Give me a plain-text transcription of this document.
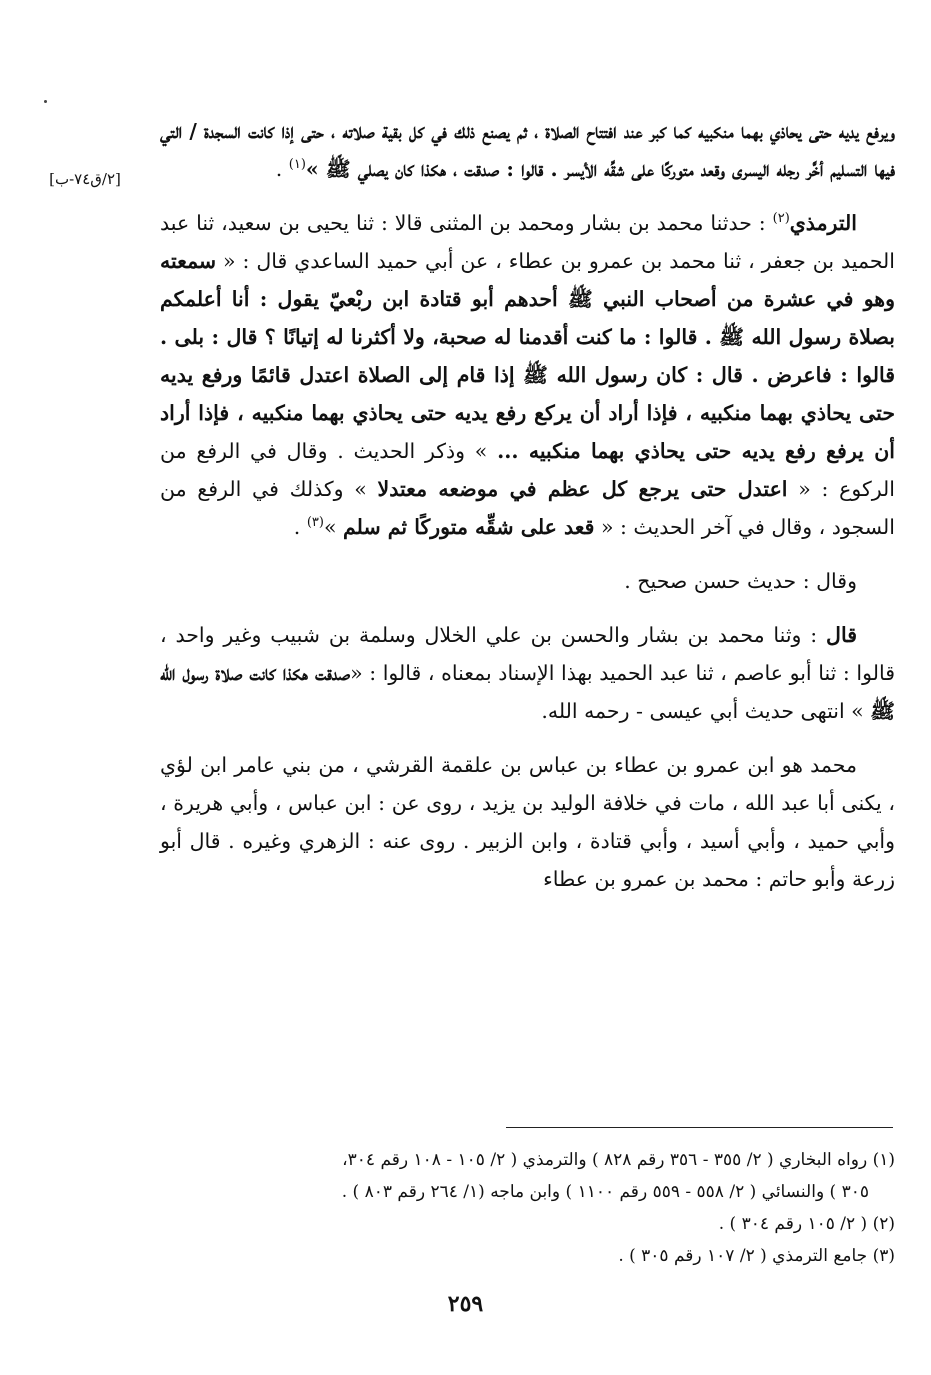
[٢/ق٧٤-ب]

ويرفع يديه حتى يحاذي بهما منكبيه كما كبر عند افتتاح الصلاة ، ثم يصنع ذلك في كل بقية صلاته ، حتى إذا كانت السجدة / التي فيها التسليم أخَّر رجله اليسرى وقعد متوركًا على شقِّه الأيسر . قالوا : صدقت ، هكذا كان يصلي ﷺ »$^{(١)}$ .

الترمذي$^{(٢)}$ : حدثنا محمد بن بشار ومحمد بن المثنى قالا : ثنا يحيى بن سعيد، ثنا عبد الحميد بن جعفر ، ثنا محمد بن عمرو بن عطاء ، عن أبي حميد الساعدي قال : « سمعته وهو في عشرة من أصحاب النبي ﷺ أحدهم أبو قتادة ابن ربْعيّ يقول : أنا أعلمكم بصلاة رسول الله ﷺ . قالوا : ما كنت أقدمنا له صحبة، ولا أكثرنا له إتيانًا ؟ قال : بلى . قالوا : فاعرض . قال : كان رسول الله ﷺ إذا قام إلى الصلاة اعتدل قائمًا ورفع يديه حتى يحاذي بهما منكبيه ، فإذا أراد أن يركع رفع يديه حتى يحاذي بهما منكبيه ، فإذا أراد أن يرفع رفع يديه حتى يحاذي بهما منكبيه ... » وذكر الحديث . وقال في الرفع من الركوع : « اعتدل حتى يرجع كل عظم في موضعه معتدلا » وكذلك في الرفع من السجود ، وقال في آخر الحديث : « قعد على شقِّه متوركًا ثم سلم »$^{(٣)}$ .

وقال : حديث حسن صحيح .

قال : وثنا محمد بن بشار والحسن بن علي الخلال وسلمة بن شبيب وغير واحد ، قالوا : ثنا أبو عاصم ، ثنا عبد الحميد بهذا الإسناد بمعناه ، قالوا : «صدقت هكذا كانت صلاة رسول الله ﷺ » انتهى حديث أبي عيسى - رحمه الله.

محمد هو ابن عمرو بن عطاء بن عباس بن علقمة القرشي ، من بني عامر ابن لؤي ، يكنى أبا عبد الله ، مات في خلافة الوليد بن يزيد ، روى عن : ابن عباس ، وأبي هريرة ، وأبي حميد ، وأبي أسيد ، وأبي قتادة ، وابن الزبير . روى عنه : الزهري وغيره . قال أبو زرعة وأبو حاتم : محمد بن عمرو بن عطاء

(١) رواه البخاري ( ٢/ ٣٥٥ - ٣٥٦ رقم ٨٢٨ ) والترمذي ( ٢/ ١٠٥ - ١٠٨ رقم ٣٠٤،

٣٠٥ ) والنسائي ( ٢/ ٥٥٨ - ٥٥٩ رقم ١١٠٠ ) وابن ماجه (١/ ٢٦٤ رقم ٨٠٣ ) .

(٢) ( ٢/ ١٠٥ رقم ٣٠٤ ) .

(٣) جامع الترمذي ( ٢/ ١٠٧ رقم ٣٠٥ ) .

٢٥٩
